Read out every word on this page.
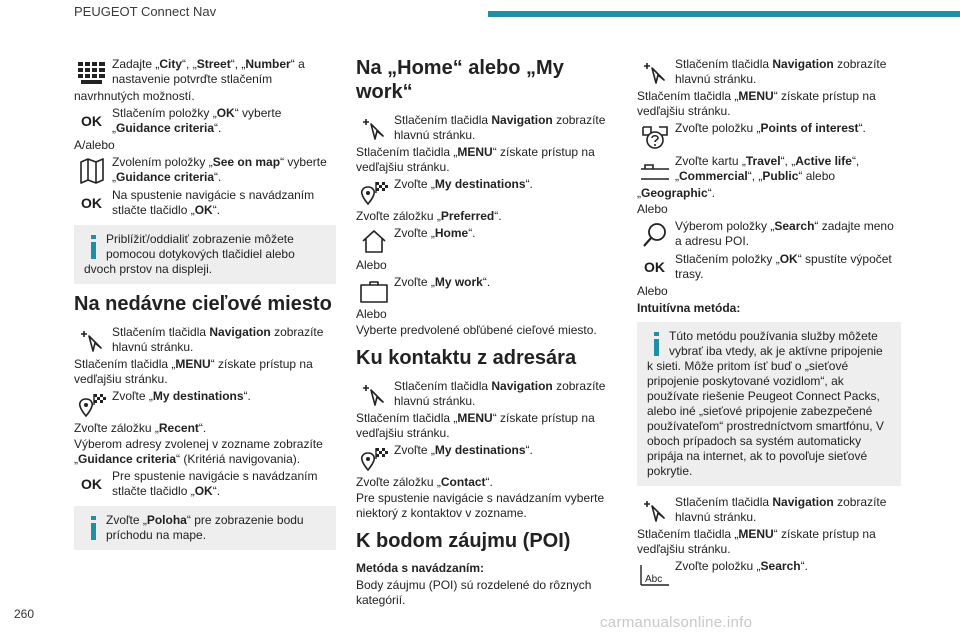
PEUGEOT Connect Nav
Zadajte „City“, „Street“, „Number“ a nastavenie potvrďte stlačením
navrhnutých možností.
OK Stlačením položky „OK“ vyberte „Guidance criteria“.
A/alebo
Zvolením položky „See on map“ vyberte „Guidance criteria“.
OK Na spustenie navigácie s navádzaním stlačte tlačidlo „OK“.
Priblížiť/oddialiť zobrazenie môžete pomocou dotykových tlačidiel alebo
dvoch prstov na displeji.
Na nedávne cieľové miesto
Stlačením tlačidla Navigation zobrazíte hlavnú stránku.
Stlačením tlačidla „MENU“ získate prístup na vedľajšiu stránku.
Zvoľte „My destinations“.
Zvoľte záložku „Recent“.
Výberom adresy zvolenej v zozname zobrazíte „Guidance criteria“ (Kritériá navigovania).
OK Pre spustenie navigácie s navádzaním stlačte tlačidlo „OK“.
Zvoľte „Poloha“ pre zobrazenie bodu príchodu na mape.
Na „Home“ alebo „My work“
Stlačením tlačidla Navigation zobrazíte hlavnú stránku.
Stlačením tlačidla „MENU“ získate prístup na vedľajšiu stránku.
Zvoľte „My destinations“.
Zvoľte záložku „Preferred“.
Zvoľte „Home“.
Alebo
Zvoľte „My work“.
Alebo
Vyberte predvolené obľúbené cieľové miesto.
Ku kontaktu z adresára
Stlačením tlačidla Navigation zobrazíte hlavnú stránku.
Stlačením tlačidla „MENU“ získate prístup na vedľajšiu stránku.
Zvoľte „My destinations“.
Zvoľte záložku „Contact“.
Pre spustenie navigácie s navádzaním vyberte niektorý z kontaktov v zozname.
K bodom záujmu (POI)
Metóda s navádzaním:
Body záujmu (POI) sú rozdelené do rôznych kategórií.
Stlačením tlačidla Navigation zobrazíte hlavnú stránku.
Stlačením tlačidla „MENU“ získate prístup na vedľajšiu stránku.
Zvoľte položku „Points of interest“.
Zvoľte kartu „Travel“, „Active life“, „Commercial“, „Public“ alebo
„Geographic“.
Alebo
Výberom položky „Search“ zadajte meno a adresu POI.
OK Stlačením položky „OK“ spustíte výpočet trasy.
Alebo
Intuitívna metóda:
Túto metódu používania služby môžete vybrať iba vtedy, ak je aktívne pripojenie
k sieti. Môže pritom ísť buď o „sieťové pripojenie poskytované vozidlom“, ak používate riešenie Peugeot Connect Packs, alebo iné „sieťové pripojenie zabezpečené používateľom“ prostredníctvom smartfónu, V oboch prípadoch sa systém automaticky pripája na internet, ak to povoľuje sieťové pokrytie.
Stlačením tlačidla Navigation zobrazíte hlavnú stránku.
Stlačením tlačidla „MENU“ získate prístup na vedľajšiu stránku.
Abc
Zvoľte položku „Search“.
260	carmanualsonline.info
